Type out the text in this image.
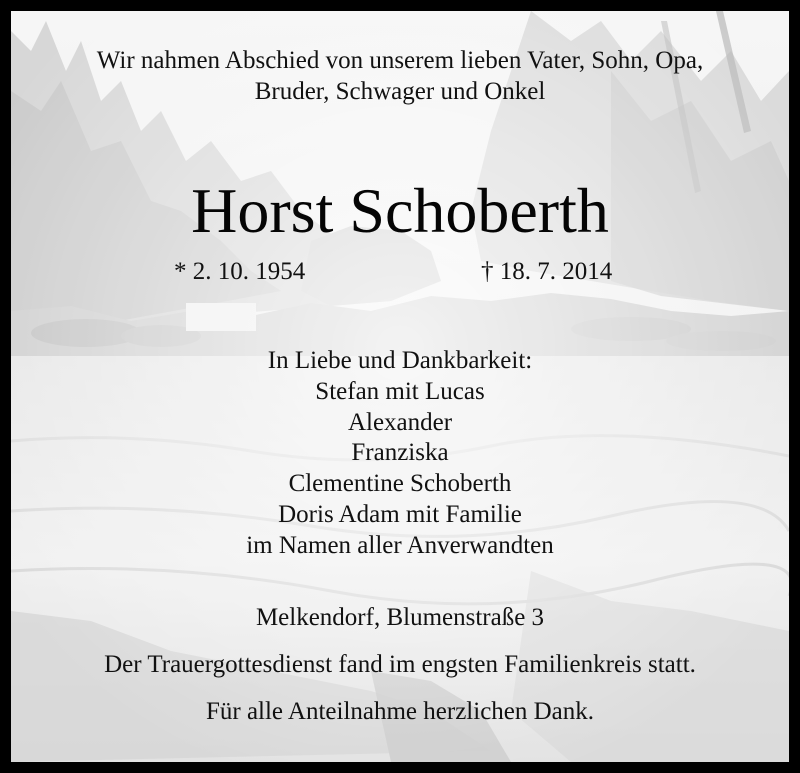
Wir nahmen Abschied von unserem lieben Vater, Sohn, Opa,
Bruder, Schwager und Onkel
Horst Schoberth
* 2. 10. 1954	† 18. 7. 2014
In Liebe und Dankbarkeit:
Stefan mit Lucas
Alexander
Franziska
Clementine Schoberth
Doris Adam mit Familie
im Namen aller Anverwandten
Melkendorf, Blumenstraße 3
Der Trauergottesdienst fand im engsten Familienkreis statt.
Für alle Anteilnahme herzlichen Dank.
